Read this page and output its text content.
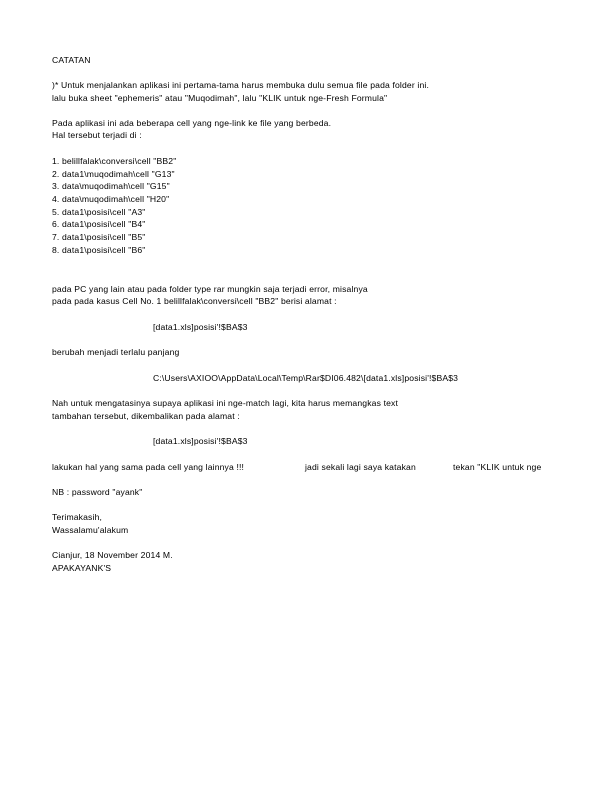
CATATAN
)* Untuk menjalankan aplikasi ini pertama-tama harus membuka dulu semua file pada folder ini.
lalu buka sheet "ephemeris" atau "Muqodimah", lalu "KLIK untuk nge-Fresh Formula"
Pada aplikasi ini ada beberapa cell yang nge-link ke file yang berbeda.
Hal tersebut terjadi di :
1. belillfalak\conversi\cell "BB2"
2. data1\muqodimah\cell "G13"
3. data\muqodimah\cell "G15"
4. data\muqodimah\cell "H20"
5. data1\posisi\cell "A3"
6. data1\posisi\cell "B4"
7. data1\posisi\cell "B5"
8. data1\posisi\cell "B6"
pada PC yang lain atau pada folder type rar mungkin saja terjadi error, misalnya
pada pada kasus Cell No. 1 belillfalak\conversi\cell "BB2" berisi alamat :
[data1.xls]posisi'!$BA$3
berubah menjadi terlalu panjang
C:\Users\AXIOO\AppData\Local\Temp\Rar$DI06.482\[data1.xls]posisi'!$BA$3
Nah untuk mengatasinya supaya aplikasi ini nge-match lagi, kita harus memangkas text
tambahan tersebut, dikembalikan pada alamat :
[data1.xls]posisi'!$BA$3
lakukan hal yang sama pada cell yang lainnya !!!	jadi sekali lagi saya katakan	tekan "KLIK untuk nge
NB : password "ayank"
Terimakasih,
Wassalamu'alakum
Cianjur, 18 November 2014 M.
APAKAYANK'S
